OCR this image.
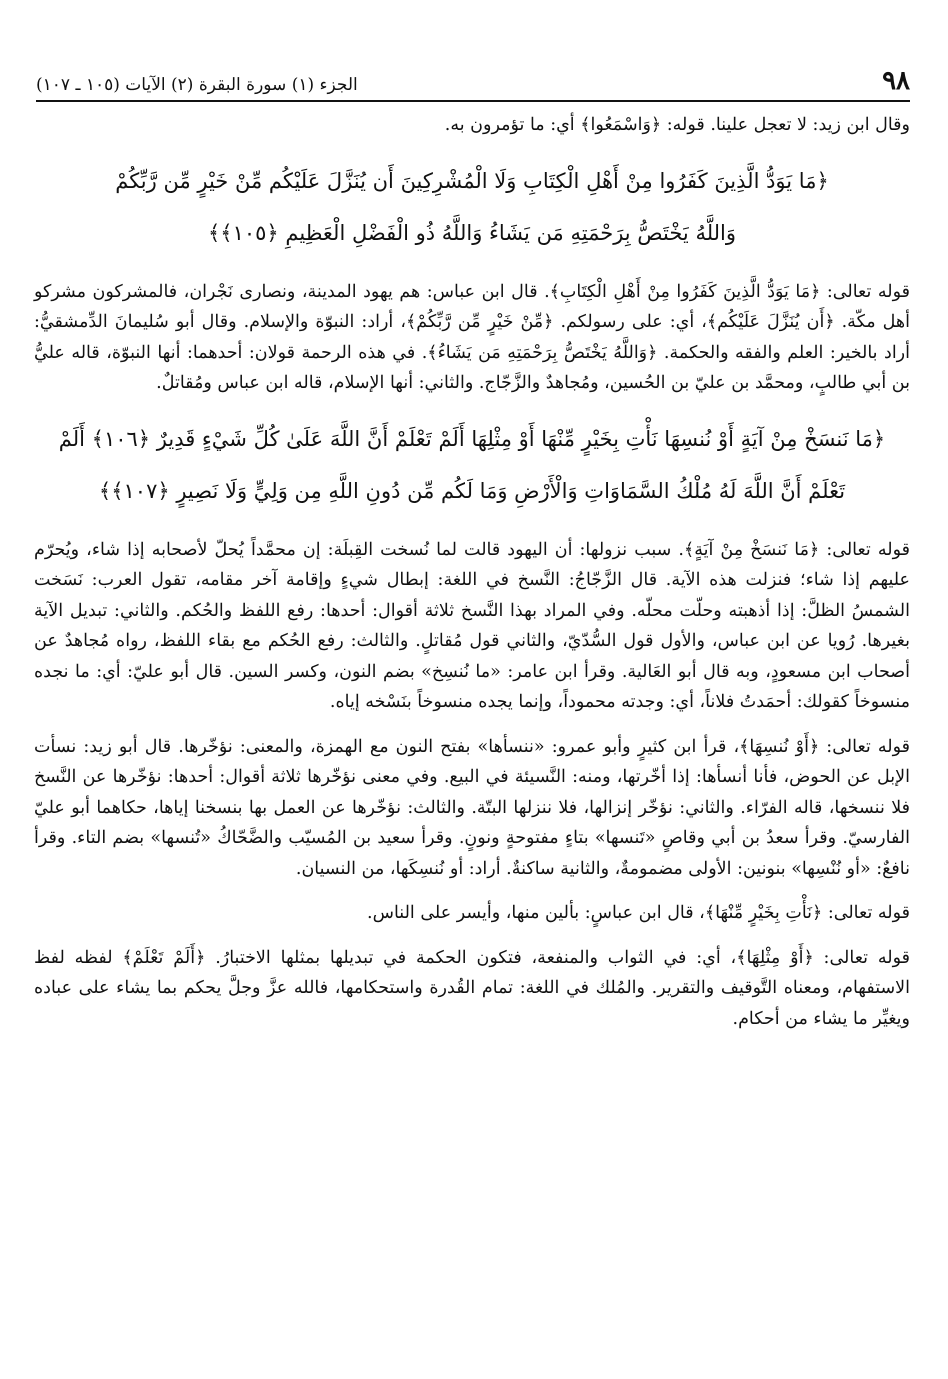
٩٨
الجزء (١) سورة البقرة (٢) الآيات (١٠٥ ـ ١٠٧)

وقال ابن زيد: لا تعجل علينا. قوله: ﴿وَاسْمَعُوا﴾ أي: ما تؤمرون به.

﴿مَا يَوَدُّ الَّذِينَ كَفَرُوا مِنْ أَهْلِ الْكِتَابِ وَلَا الْمُشْرِكِينَ أَن يُنَزَّلَ عَلَيْكُم مِّنْ خَيْرٍ مِّن رَّبِّكُمْ
وَاللَّهُ يَخْتَصُّ بِرَحْمَتِهِ مَن يَشَاءُ وَاللَّهُ ذُو الْفَضْلِ الْعَظِيمِ ﴿١٠٥﴾﴾

قوله تعالى: ﴿مَا يَوَدُّ الَّذِينَ كَفَرُوا مِنْ أَهْلِ الْكِتَابِ﴾. قال ابن عباس: هم يهود المدينة، ونصارى نَجْران، فالمشركون مشركو أهل مكّة. ﴿أَن يُنَزَّلَ عَلَيْكُم﴾، أي: على رسولكم. ﴿مِّنْ خَيْرٍ مِّن رَّبِّكُمْ﴾، أراد: النبوّة والإسلام. وقال أبو سُليمانَ الدِّمشقيُّ: أراد بالخير: العلم والفقه والحكمة. ﴿وَاللَّهُ يَخْتَصُّ بِرَحْمَتِهِ مَن يَشَاءُ﴾. في هذه الرحمة قولان: أحدهما: أنها النبوّة، قاله عليُّ بن أبي طالبٍ، ومحمَّد بن عليّ بن الحُسين، ومُجاهدٌ والزَّجّاج. والثاني: أنها الإسلام، قاله ابن عباس ومُقاتلٌ.

﴿مَا نَنسَخْ مِنْ آيَةٍ أَوْ نُنسِهَا نَأْتِ بِخَيْرٍ مِّنْهَا أَوْ مِثْلِهَا أَلَمْ تَعْلَمْ أَنَّ اللَّهَ عَلَىٰ كُلِّ شَيْءٍ قَدِيرٌ ﴿١٠٦﴾ أَلَمْ
تَعْلَمْ أَنَّ اللَّهَ لَهُ مُلْكُ السَّمَاوَاتِ وَالْأَرْضِ وَمَا لَكُم مِّن دُونِ اللَّهِ مِن وَلِيٍّ وَلَا نَصِيرٍ ﴿١٠٧﴾﴾

قوله تعالى: ﴿مَا نَنسَخْ مِنْ آيَةٍ﴾. سبب نزولها: أن اليهود قالت لما نُسخت القِبلَة: إن محمَّداً يُحلّ لأصحابه إذا شاء، ويُحرّم عليهم إذا شاء؛ فنزلت هذه الآية. قال الزَّجّاجُ: النَّسخ في اللغة: إبطال شيءٍ وإقامة آخر مقامه، تقول العرب: نَسَخت الشمسُ الظلَّ: إذا أذهبته وحلّت محلّه. وفي المراد بهذا النَّسخ ثلاثة أقوال: أحدها: رفع اللفظ والحُكم. والثاني: تبديل الآية بغيرها. رُويا عن ابن عباس، والأول قول السُّدّيّ، والثاني قول مُقاتلٍ. والثالث: رفع الحُكم مع بقاء اللفظ، رواه مُجاهدٌ عن أصحاب ابن مسعودٍ، وبه قال أبو العَالية. وقرأ ابن عامر: «ما نُنسِخ» بضم النون، وكسر السين. قال أبو عليّ: أي: ما نجده منسوخاً كقولك: أحمَدتُ فلاناً، أي: وجدته محموداً، وإنما يجده منسوخاً بنَسْخه إياه.

قوله تعالى: ﴿أَوْ نُنسِهَا﴾، قرأ ابن كثيرٍ وأبو عمرو: «ننسأها» بفتح النون مع الهمزة، والمعنى: نؤخّرها. قال أبو زيد: نسأت الإبل عن الحوض، فأنا أنسأها: إذا أخّرتها، ومنه: النَّسيئة في البيع. وفي معنى نؤخّرها ثلاثة أقوال: أحدها: نؤخّرها عن النَّسخ فلا ننسخها، قاله الفرّاء. والثاني: نؤخّر إنزالها، فلا ننزلها البتّة. والثالث: نؤخّرها عن العمل بها بنسخنا إياها، حكاهما أبو عليّ الفارسيّ. وقرأ سعدُ بن أبي وقاصٍ «تَنسها» بتاءٍ مفتوحةٍ ونونٍ. وقرأ سعيد بن المُسيّب والضَّحّاكُ «تُنسها» بضم التاء. وقرأ نافعٌ: «أو نُنْسِها» بنونين: الأولى مضمومةٌ، والثانية ساكنةٌ. أراد: أو نُنسِكَها، من النسيان.

قوله تعالى: ﴿نَأْتِ بِخَيْرٍ مِّنْهَا﴾، قال ابن عباسٍ: بألين منها، وأيسر على الناس.

قوله تعالى: ﴿أَوْ مِثْلِهَا﴾، أي: في الثواب والمنفعة، فتكون الحكمة في تبديلها بمثلها الاختبارُ. ﴿أَلَمْ تَعْلَمْ﴾ لفظه لفظ الاستفهام، ومعناه التَّوقيف والتقرير. والمُلك في اللغة: تمام القُدرة واستحكامها، فالله عزَّ وجلَّ يحكم بما يشاء على عباده ويغيِّر ما يشاء من أحكام.
